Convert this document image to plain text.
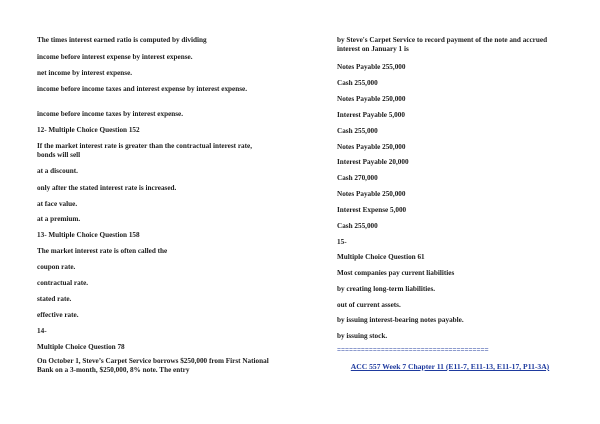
The times interest earned ratio is computed by dividing
income before interest expense by interest expense.
net income by interest expense.
income before income taxes and interest expense by interest expense.
income before income taxes by interest expense.
12- Multiple Choice Question 152
If the market interest rate is greater than the contractual interest rate, bonds will sell
at a discount.
only after the stated interest rate is increased.
at face value.
at a premium.
13- Multiple Choice Question 158
The market interest rate is often called the
coupon rate.
contractual rate.
stated rate.
effective rate.
14-
Multiple Choice Question 78
On October 1, Steve’s Carpet Service borrows $250,000 from First National Bank on a 3-month, $250,000, 8% note. The entry
by Steve's Carpet Service to record payment of the note and accrued interest on January 1 is
Notes Payable 255,000
Cash 255,000
Notes Payable 250,000
Interest Payable 5,000
Cash 255,000
Notes Payable 250,000
Interest Payable 20,000
Cash 270,000
Notes Payable 250,000
Interest Expense 5,000
Cash 255,000
15-
Multiple Choice Question 61
Most companies pay current liabilities
by creating long-term liabilities.
out of current assets.
by issuing interest-bearing notes payable.
by issuing stock.
======================================
ACC 557 Week 7 Chapter 11 (E11-7, E11-13, E11-17, P11-3A)
